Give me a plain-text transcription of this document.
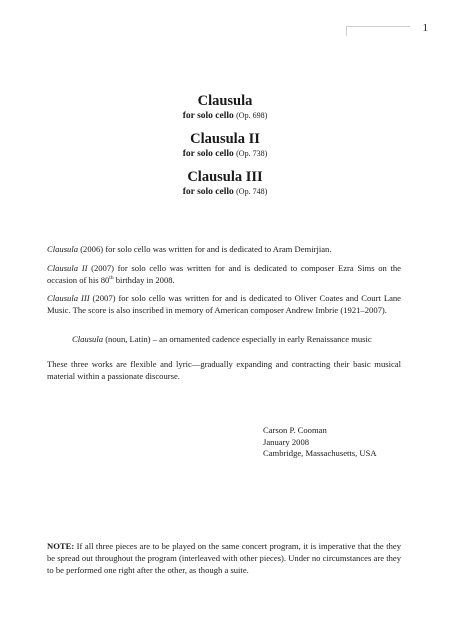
1
Clausula
for solo cello (Op. 698)
Clausula II
for solo cello (Op. 738)
Clausula III
for solo cello (Op. 748)

Clausula (2006) for solo cello was written for and is dedicated to Aram Demirjian.

Clausula II (2007) for solo cello was written for and is dedicated to composer Ezra Sims on the occasion of his 80th birthday in 2008.

Clausula III (2007) for solo cello was written for and is dedicated to Oliver Coates and Court Lane Music. The score is also inscribed in memory of American composer Andrew Imbrie (1921–2007).

Clausula (noun, Latin) – an ornamented cadence especially in early Renaissance music

These three works are flexible and lyric—gradually expanding and contracting their basic musical material within a passionate discourse.

Carson P. Cooman
January 2008
Cambridge, Massachusetts, USA

NOTE: If all three pieces are to be played on the same concert program, it is imperative that the they be spread out throughout the program (interleaved with other pieces). Under no circumstances are they to be performed one right after the other, as though a suite.
